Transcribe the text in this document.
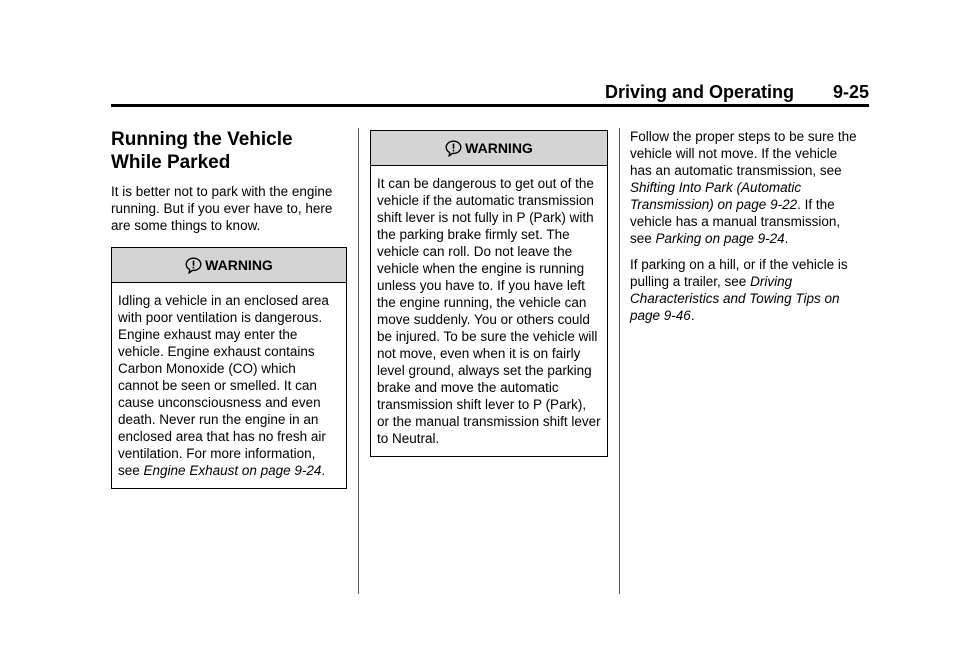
Driving and Operating 9-25
Running the Vehicle
While Parked

It is better not to park with the engine running. But if you ever have to, here are some things to know.

WARNING
Idling a vehicle in an enclosed area with poor ventilation is dangerous. Engine exhaust may enter the vehicle. Engine exhaust contains Carbon Monoxide (CO) which cannot be seen or smelled. It can cause unconsciousness and even death. Never run the engine in an enclosed area that has no fresh air ventilation. For more information, see Engine Exhaust on page 9-24.
WARNING
It can be dangerous to get out of the vehicle if the automatic transmission shift lever is not fully in P (Park) with the parking brake firmly set. The vehicle can roll. Do not leave the vehicle when the engine is running unless you have to. If you have left the engine running, the vehicle can move suddenly. You or others could be injured. To be sure the vehicle will not move, even when it is on fairly level ground, always set the parking brake and move the automatic transmission shift lever to P (Park), or the manual transmission shift lever to Neutral.

Follow the proper steps to be sure the vehicle will not move. If the vehicle has an automatic transmission, see Shifting Into Park (Automatic Transmission) on page 9-22. If the vehicle has a manual transmission, see Parking on page 9-24.

If parking on a hill, or if the vehicle is pulling a trailer, see Driving Characteristics and Towing Tips on page 9-46.
